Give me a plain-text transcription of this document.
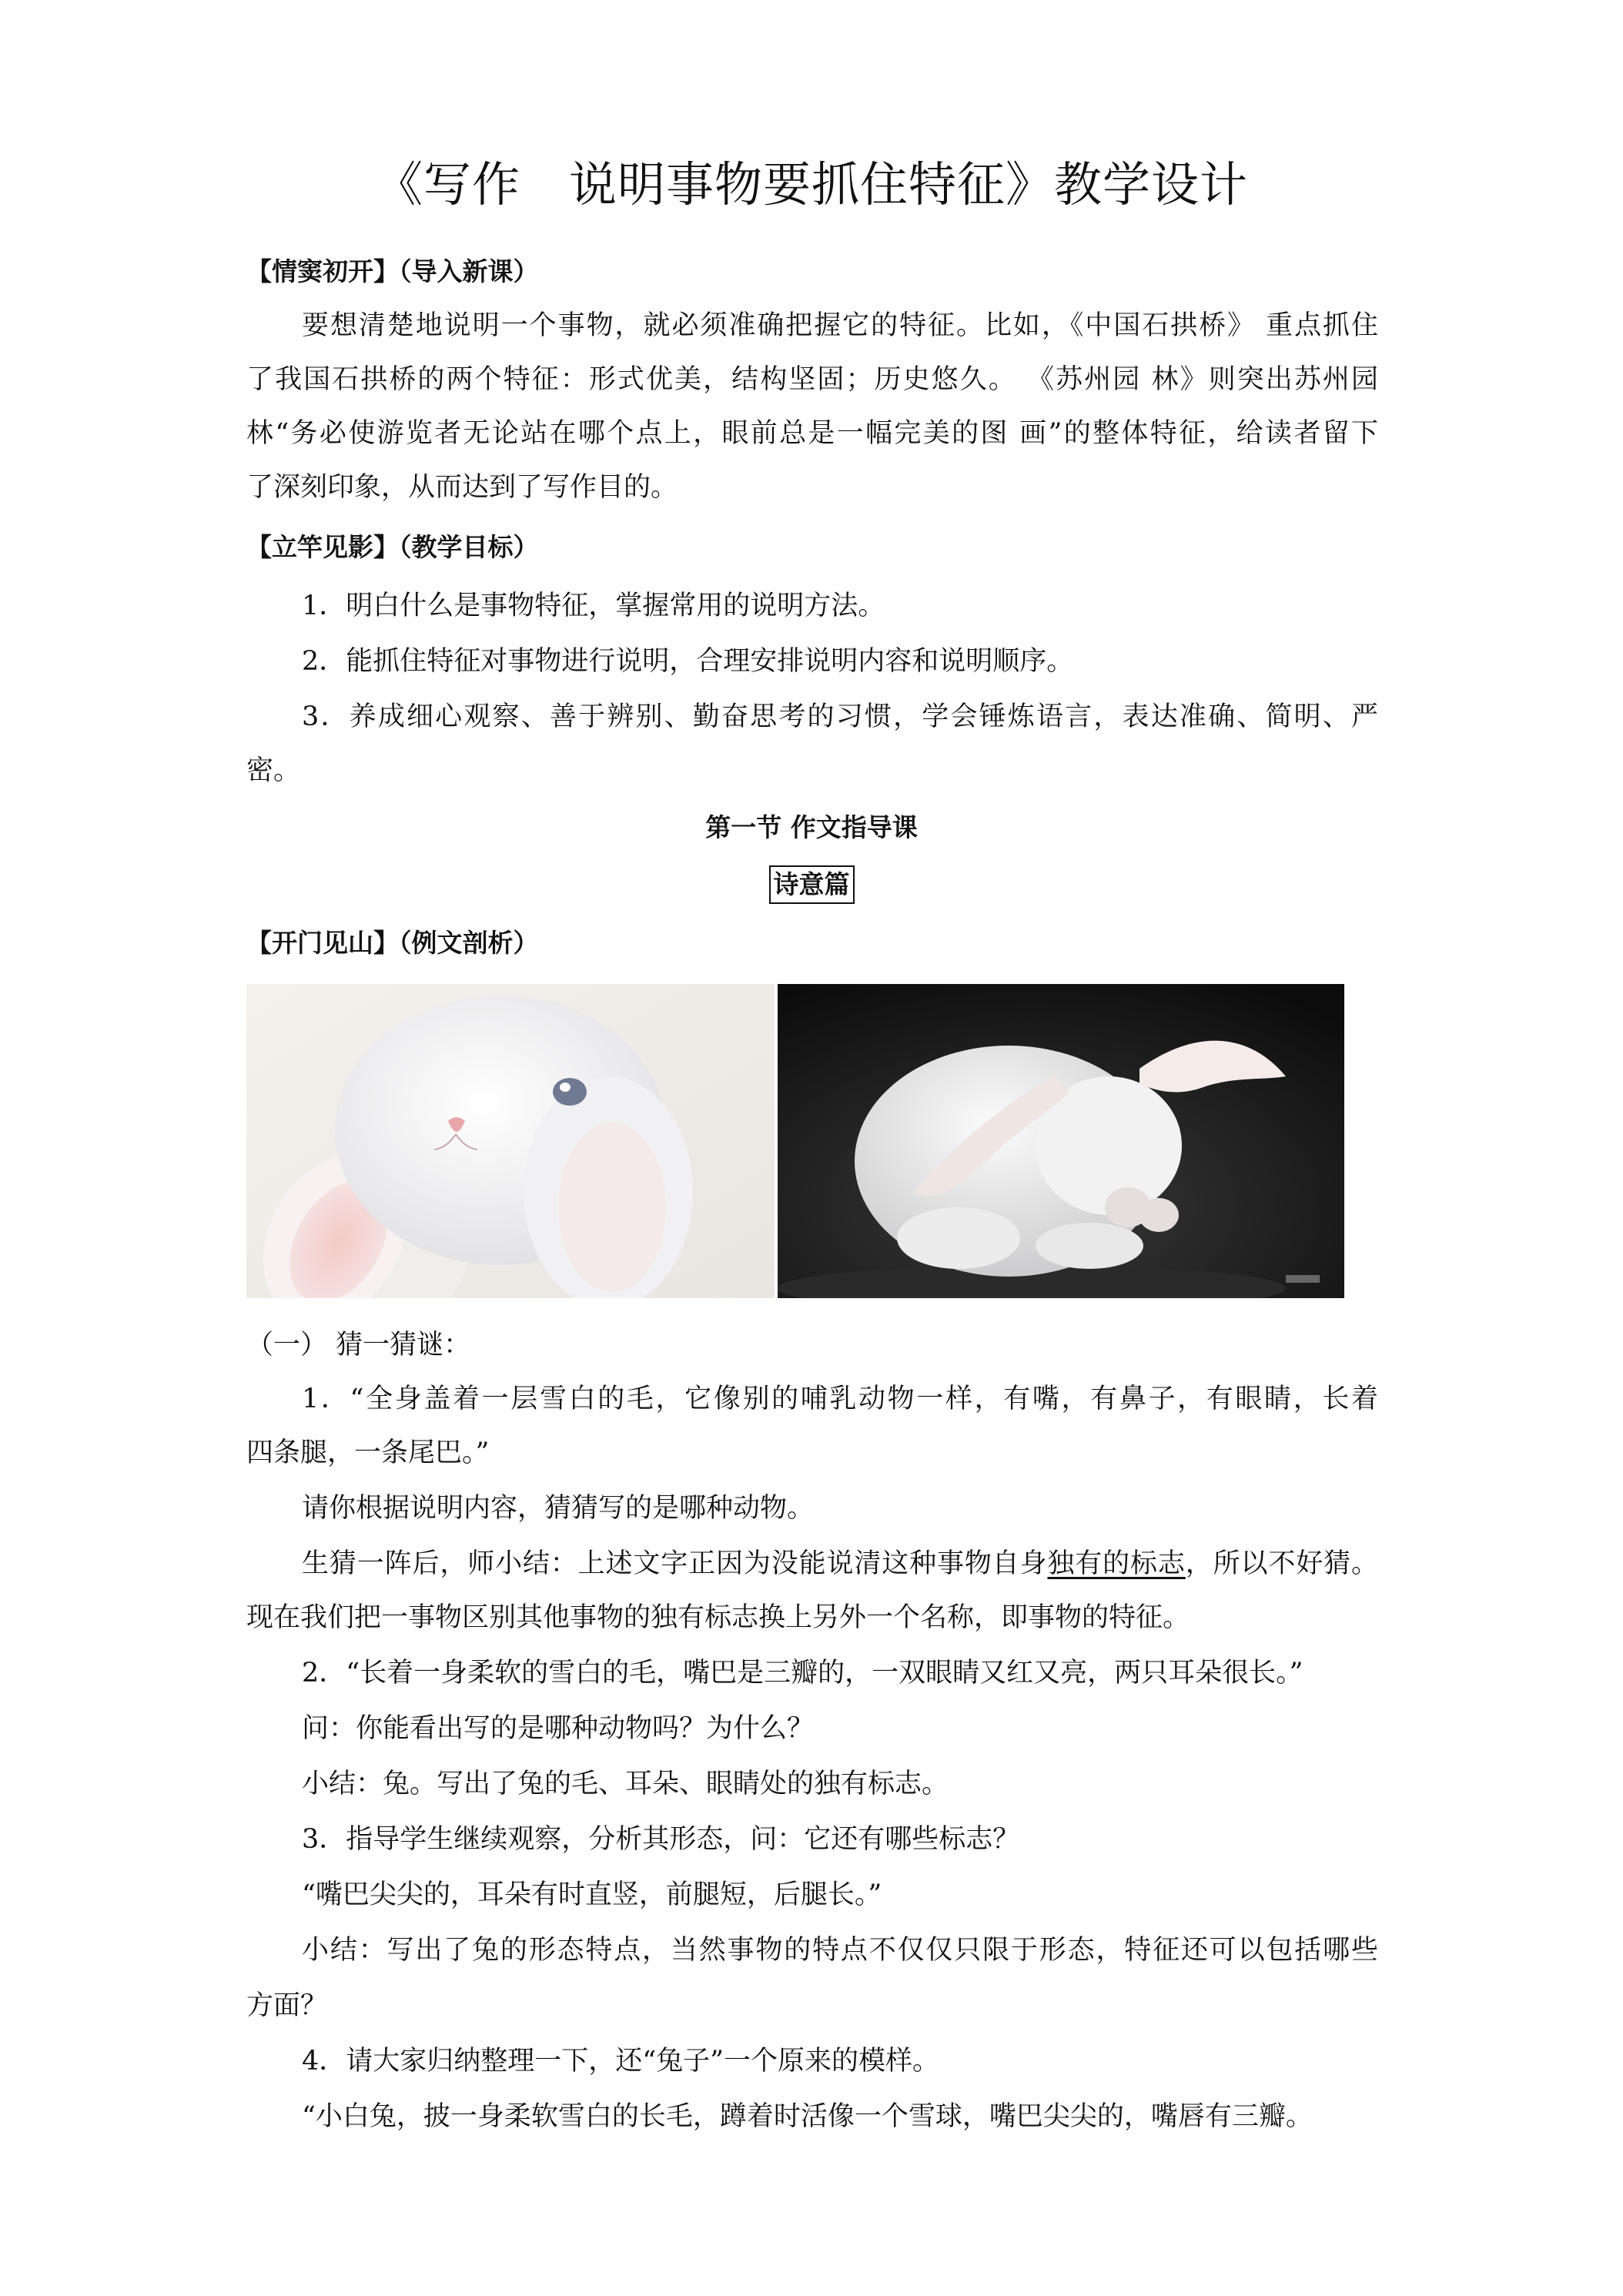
《写作　说明事物要抓住特征》教学设计
【情窦初开】（导入新课）
要想清楚地说明一个事物，就必须准确把握它的特征。比如，《中国石拱桥》 重点抓住
了我国石拱桥的两个特征：形式优美，结构坚固；历史悠久。 《苏州园 林》则突出苏州园
林“务必使游览者无论站在哪个点上，眼前总是一幅完美的图 画”的整体特征，给读者留下
了深刻印象，从而达到了写作目的。
【立竿见影】（教学目标）
1．明白什么是事物特征，掌握常用的说明方法。
2．能抓住特征对事物进行说明，合理安排说明内容和说明顺序。
3．养成细心观察、善于辨别、勤奋思考的习惯，学会锤炼语言，表达准确、简明、严
密。
第一节 作文指导课
诗意篇
【开门见山】（例文剖析）
（一） 猜一猜谜：
1．“全身盖着一层雪白的毛，它像别的哺乳动物一样，有嘴，有鼻子，有眼睛，长着
四条腿，一条尾巴。”
请你根据说明内容，猜猜写的是哪种动物。
生猜一阵后，师小结：上述文字正因为没能说清这种事物自身独有的标志，所以不好猜。
现在我们把一事物区别其他事物的独有标志换上另外一个名称，即事物的特征。
2．“长着一身柔软的雪白的毛，嘴巴是三瓣的，一双眼睛又红又亮，两只耳朵很长。”
问：你能看出写的是哪种动物吗？为什么？
小结：兔。写出了兔的毛、耳朵、眼睛处的独有标志。
3．指导学生继续观察，分析其形态，问：它还有哪些标志？
“嘴巴尖尖的，耳朵有时直竖，前腿短，后腿长。”
小结：写出了兔的形态特点，当然事物的特点不仅仅只限于形态，特征还可以包括哪些
方面？
4．请大家归纳整理一下，还“兔子”一个原来的模样。
“小白兔，披一身柔软雪白的长毛，蹲着时活像一个雪球，嘴巴尖尖的，嘴唇有三瓣。
